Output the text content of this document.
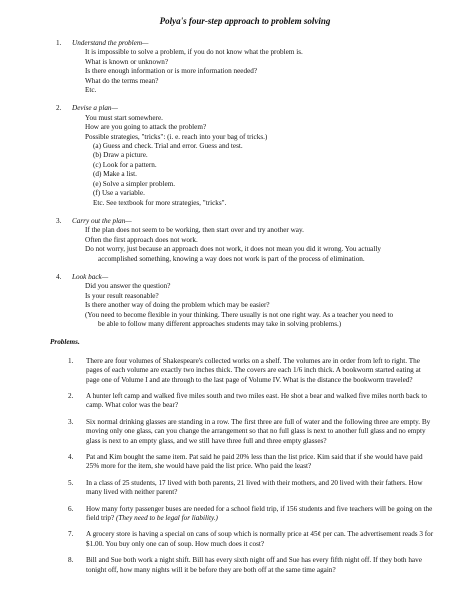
Polya's four-step approach to problem solving
1.	Understand the problem—
It is impossible to solve a problem, if you do not know what the problem is.
What is known or unknown?
Is there enough information or is more information needed?
What do the terms mean?
Etc.
2.	Devise a plan—
You must start somewhere.
How are you going to attack the problem?
Possible strategies, "tricks": (i. e. reach into your bag of tricks.)
(a) Guess and check. Trial and error. Guess and test.
(b) Draw a picture.
(c) Look for a pattern.
(d) Make a list.
(e) Solve a simpler problem.
(f) Use a variable.
Etc. See textbook for more strategies, "tricks".
3.	Carry out the plan—
If the plan does not seem to be working, then start over and try another way.
Often the first approach does not work.
Do not worry, just because an approach does not work, it does not mean you did it wrong. You actually
accomplished something, knowing a way does not work is part of the process of elimination.
4.	Look back—
Did you answer the question?
Is your result reasonable?
Is there another way of doing the problem which may be easier?
(You need to become flexible in your thinking. There usually is not one right way. As a teacher you need to
be able to follow many different approaches students may take in solving problems.)
Problems.
1.	There are four volumes of Shakespeare's collected works on a shelf. The volumes are in order from left to right. The pages of each volume are exactly two inches thick. The covers are each 1/6 inch thick. A bookworm started eating at page one of Volume I and ate through to the last page of Volume IV. What is the distance the bookworm traveled?
2.	A hunter left camp and walked five miles south and two miles east. He shot a bear and walked five miles north back to camp. What color was the bear?
3.	Six normal drinking glasses are standing in a row. The first three are full of water and the following three are empty. By moving only one glass, can you change the arrangement so that no full glass is next to another full glass and no empty glass is next to an empty glass, and we still have three full and three empty glasses?
4.	Pat and Kim bought the same item. Pat said he paid 20% less than the list price. Kim said that if she would have paid 25% more for the item, she would have paid the list price. Who paid the least?
5.	In a class of 25 students, 17 lived with both parents, 21 lived with their mothers, and 20 lived with their fathers. How many lived with neither parent?
6.	How many forty passenger buses are needed for a school field trip, if 156 students and five teachers will be going on the field trip? (They need to be legal for liability.)
7.	A grocery store is having a special on cans of soup which is normally price at 45¢ per can. The advertisement reads 3 for $1.00. You buy only one can of soup. How much does it cost?
8.	Bill and Sue both work a night shift. Bill has every sixth night off and Sue has every fifth night off. If they both have tonight off, how many nights will it be before they are both off at the same time again?
